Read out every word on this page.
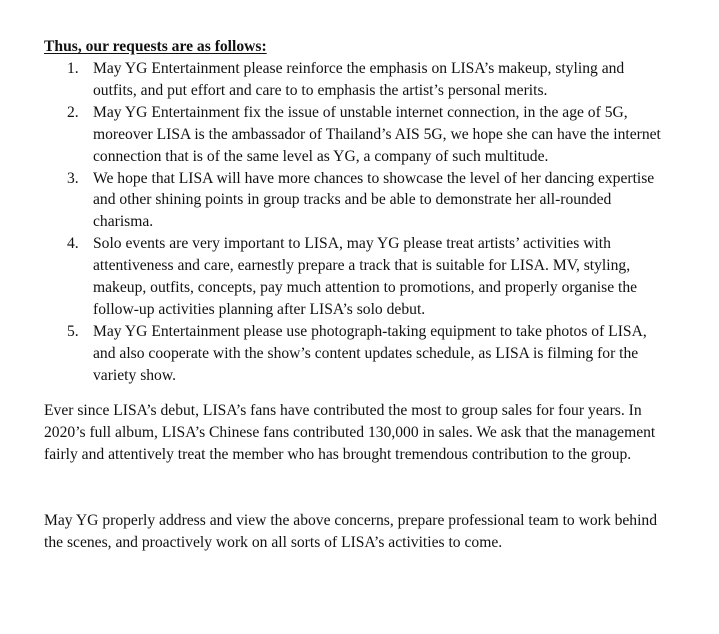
Thus, our requests are as follows:
1. May YG Entertainment please reinforce the emphasis on LISA’s makeup, styling and outfits, and put effort and care to to emphasis the artist’s personal merits.
2. May YG Entertainment fix the issue of unstable internet connection, in the age of 5G, moreover LISA is the ambassador of Thailand’s AIS 5G, we hope she can have the internet connection that is of the same level as YG, a company of such multitude.
3. We hope that LISA will have more chances to showcase the level of her dancing expertise and other shining points in group tracks and be able to demonstrate her all-rounded charisma.
4. Solo events are very important to LISA, may YG please treat artists’ activities with attentiveness and care, earnestly prepare a track that is suitable for LISA. MV, styling, makeup, outfits, concepts, pay much attention to promotions, and properly organise the follow-up activities planning after LISA’s solo debut.
5. May YG Entertainment please use photograph-taking equipment to take photos of LISA, and also cooperate with the show’s content updates schedule, as LISA is filming for the variety show.

Ever since LISA’s debut, LISA’s fans have contributed the most to group sales for four years. In 2020’s full album, LISA’s Chinese fans contributed 130,000 in sales. We ask that the management fairly and attentively treat the member who has brought tremendous contribution to the group.

May YG properly address and view the above concerns, prepare professional team to work behind the scenes, and proactively work on all sorts of LISA’s activities to come.
